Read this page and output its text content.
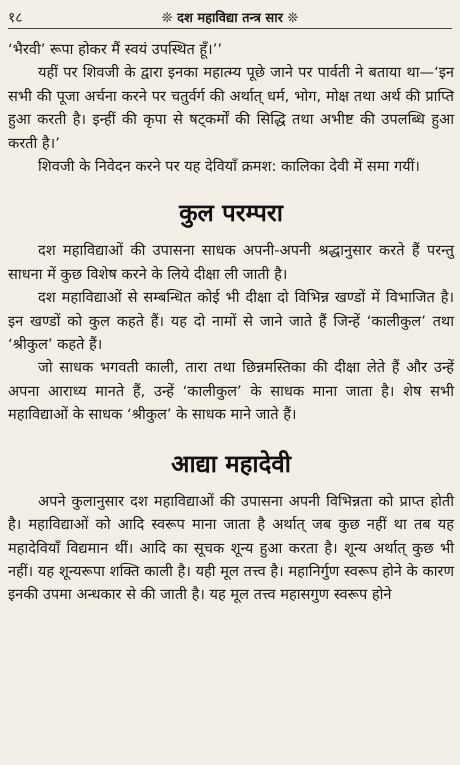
१८	❊ दश महाविद्या तन्त्र सार ❊

‘भैरवी’ रूपा होकर मैं स्वयं उपस्थित हूँ।’’

यहीं पर शिवजी के द्वारा इनका महात्म्य पूछे जाने पर पार्वती ने बताया था—‘इन सभी की पूजा अर्चना करने पर चतुर्वर्ग की अर्थात् धर्म, भोग, मोक्ष तथा अर्थ की प्राप्ति हुआ करती है। इन्हीं की कृपा से षट्कर्मों की सिद्धि तथा अभीष्ट की उपलब्धि हुआ करती है।’

शिवजी के निवेदन करने पर यह देवियाँ क्रमश: कालिका देवी में समा गयीं।

कुल परम्परा

दश महाविद्याओं की उपासना साधक अपनी-अपनी श्रद्धानुसार करते हैं परन्तु साधना में कुछ विशेष करने के लिये दीक्षा ली जाती है।

दश महाविद्याओं से सम्बन्धित कोई भी दीक्षा दो विभिन्न खण्डों में विभाजित है। इन खण्डों को कुल कहते हैं। यह दो नामों से जाने जाते हैं जिन्हें ‘कालीकुल’ तथा ‘श्रीकुल’ कहते हैं।

जो साधक भगवती काली, तारा तथा छिन्नमस्तिका की दीक्षा लेते हैं और उन्हें अपना आराध्य मानते हैं, उन्हें ‘कालीकुल’ के साधक माना जाता है। शेष सभी महाविद्याओं के साधक ‘श्रीकुल’ के साधक माने जाते हैं।

आद्या महादेवी

अपने कुलानुसार दश महाविद्याओं की उपासना अपनी विभिन्नता को प्राप्त होती है। महाविद्याओं को आदि स्वरूप माना जाता है अर्थात् जब कुछ नहीं था तब यह महादेवियाँ विद्यमान थीं। आदि का सूचक शून्य हुआ करता है। शून्य अर्थात् कुछ भी नहीं। यह शून्यरूपा शक्ति काली है। यही मूल तत्त्व है। महानिर्गुण स्वरूप होने के कारण इनकी उपमा अन्धकार से की जाती है। यह मूल तत्त्व महासगुण स्वरूप होने
